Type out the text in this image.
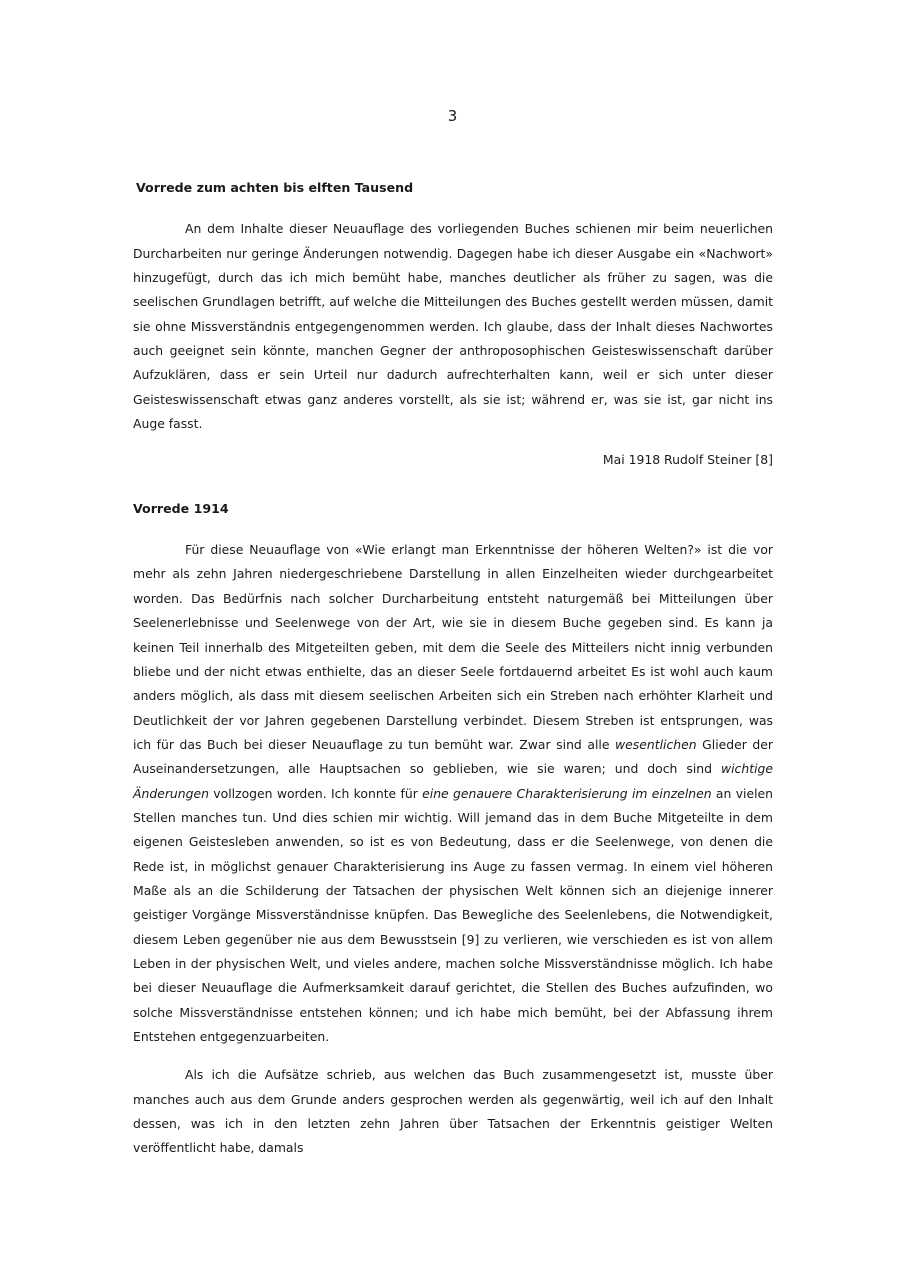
3
Vorrede zum achten bis elften Tausend

An dem Inhalte dieser Neuauflage des vorliegenden Buches schienen mir beim neuerlichen Durcharbeiten nur geringe Änderungen notwendig. Dagegen habe ich dieser Ausgabe ein «Nachwort» hinzugefügt, durch das ich mich bemüht habe, manches deutlicher als früher zu sagen, was die seelischen Grundlagen betrifft, auf welche die Mitteilungen des Buches gestellt werden müssen, damit sie ohne Missverständnis entgegengenommen werden. Ich glaube, dass der Inhalt dieses Nachwortes auch geeignet sein könnte, manchen Gegner der anthroposophischen Geisteswissenschaft darüber Aufzuklären, dass er sein Urteil nur dadurch aufrechterhalten kann, weil er sich unter dieser Geisteswissenschaft etwas ganz anderes vorstellt, als sie ist; während er, was sie ist, gar nicht ins Auge fasst.

Mai 1918 Rudolf Steiner [8]
Vorrede 1914

Für diese Neuauflage von «Wie erlangt man Erkenntnisse der höheren Welten?» ist die vor mehr als zehn Jahren niedergeschriebene Darstellung in allen Einzelheiten wieder durchgearbeitet worden. Das Bedürfnis nach solcher Durcharbeitung entsteht naturgemäß bei Mitteilungen über Seelenerlebnisse und Seelenwege von der Art, wie sie in diesem Buche gegeben sind. Es kann ja keinen Teil innerhalb des Mitgeteilten geben, mit dem die Seele des Mitteilers nicht innig verbunden bliebe und der nicht etwas enthielte, das an dieser Seele fortdauernd arbeitet Es ist wohl auch kaum anders möglich, als dass mit diesem seelischen Arbeiten sich ein Streben nach erhöhter Klarheit und Deutlichkeit der vor Jahren gegebenen Darstellung verbindet. Diesem Streben ist entsprungen, was ich für das Buch bei dieser Neuauflage zu tun bemüht war. Zwar sind alle wesentlichen Glieder der Auseinandersetzungen, alle Hauptsachen so geblieben, wie sie waren; und doch sind wichtige Änderungen vollzogen worden. Ich konnte für eine genauere Charakterisierung im einzelnen an vielen Stellen manches tun. Und dies schien mir wichtig. Will jemand das in dem Buche Mitgeteilte in dem eigenen Geistesleben anwenden, so ist es von Bedeutung, dass er die Seelenwege, von denen die Rede ist, in möglichst genauer Charakterisierung ins Auge zu fassen vermag. In einem viel höheren Maße als an die Schilderung der Tatsachen der physischen Welt können sich an diejenige innerer geistiger Vorgänge Missverständnisse knüpfen. Das Bewegliche des Seelenlebens, die Notwendigkeit, diesem Leben gegenüber nie aus dem Bewusstsein [9] zu verlieren, wie verschieden es ist von allem Leben in der physischen Welt, und vieles andere, machen solche Missverständnisse möglich. Ich habe bei dieser Neuauflage die Aufmerksamkeit darauf gerichtet, die Stellen des Buches aufzufinden, wo solche Missverständnisse entstehen können; und ich habe mich bemüht, bei der Abfassung ihrem Entstehen entgegenzuarbeiten.

Als ich die Aufsätze schrieb, aus welchen das Buch zusammengesetzt ist, musste über manches auch aus dem Grunde anders gesprochen werden als gegenwärtig, weil ich auf den Inhalt dessen, was ich in den letzten zehn Jahren über Tatsachen der Erkenntnis geistiger Welten veröffentlicht habe, damals
